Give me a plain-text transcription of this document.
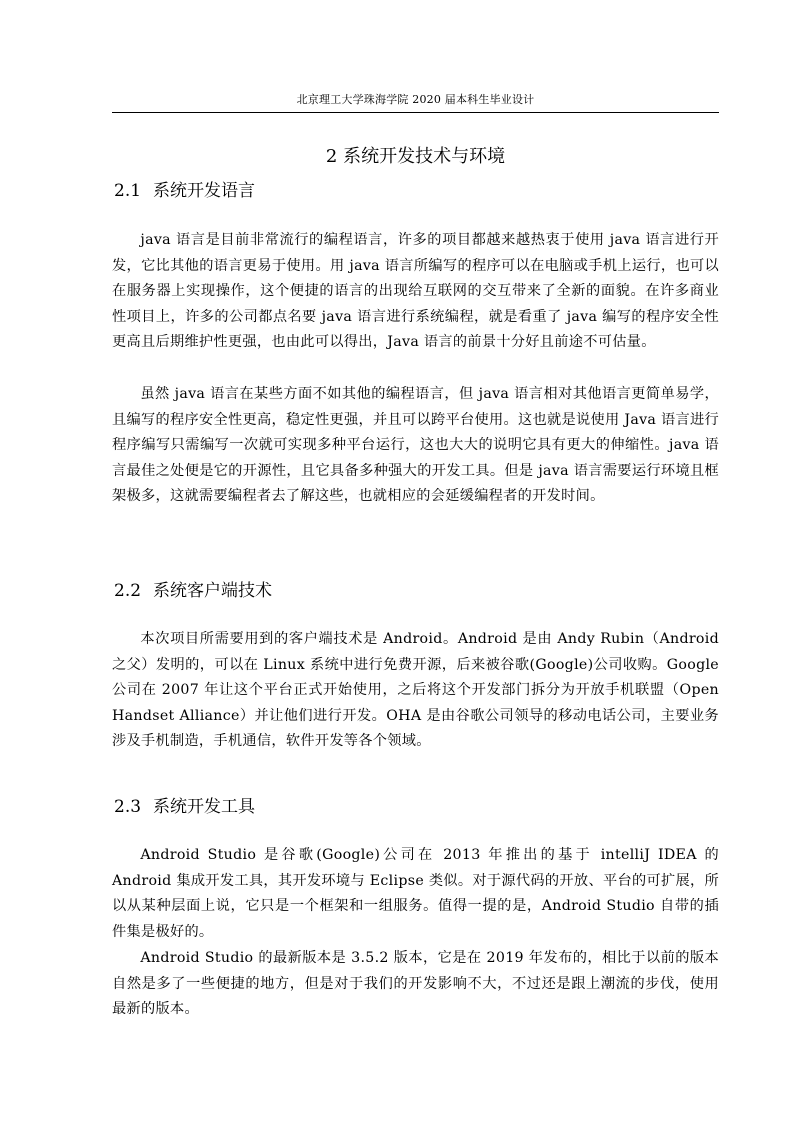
北京理工大学珠海学院 2020 届本科生毕业设计
2 系统开发技术与环境
2.1 系统开发语言

java 语言是目前非常流行的编程语言，许多的项目都越来越热衷于使用 java 语言进行开发，它比其他的语言更易于使用。用 java 语言所编写的程序可以在电脑或手机上运行，也可以在服务器上实现操作，这个便捷的语言的出现给互联网的交互带来了全新的面貌。在许多商业性项目上，许多的公司都点名要 java 语言进行系统编程，就是看重了 java 编写的程序安全性更高且后期维护性更强，也由此可以得出，Java 语言的前景十分好且前途不可估量。

虽然 java 语言在某些方面不如其他的编程语言，但 java 语言相对其他语言更简单易学，且编写的程序安全性更高，稳定性更强，并且可以跨平台使用。这也就是说使用 Java 语言进行程序编写只需编写一次就可实现多种平台运行，这也大大的说明它具有更大的伸缩性。java 语言最佳之处便是它的开源性，且它具备多种强大的开发工具。但是 java 语言需要运行环境且框架极多，这就需要编程者去了解这些，也就相应的会延缓编程者的开发时间。

2.2 系统客户端技术

本次项目所需要用到的客户端技术是 Android。Android 是由 Andy Rubin（Android 之父）发明的，可以在 Linux 系统中进行免费开源，后来被谷歌(Google)公司收购。Google 公司在 2007 年让这个平台正式开始使用，之后将这个开发部门拆分为开放手机联盟（Open Handset Alliance）并让他们进行开发。OHA 是由谷歌公司领导的移动电话公司，主要业务涉及手机制造，手机通信，软件开发等各个领域。

2.3 系统开发工具

Android Studio 是谷歌(Google)公司在 2013 年推出的基于 intelliJ IDEA 的 Android 集成开发工具，其开发环境与 Eclipse 类似。对于源代码的开放、平台的可扩展，所以从某种层面上说，它只是一个框架和一组服务。值得一提的是，Android Studio 自带的插件集是极好的。

Android Studio 的最新版本是 3.5.2 版本，它是在 2019 年发布的，相比于以前的版本自然是多了一些便捷的地方，但是对于我们的开发影响不大，不过还是跟上潮流的步伐，使用最新的版本。
